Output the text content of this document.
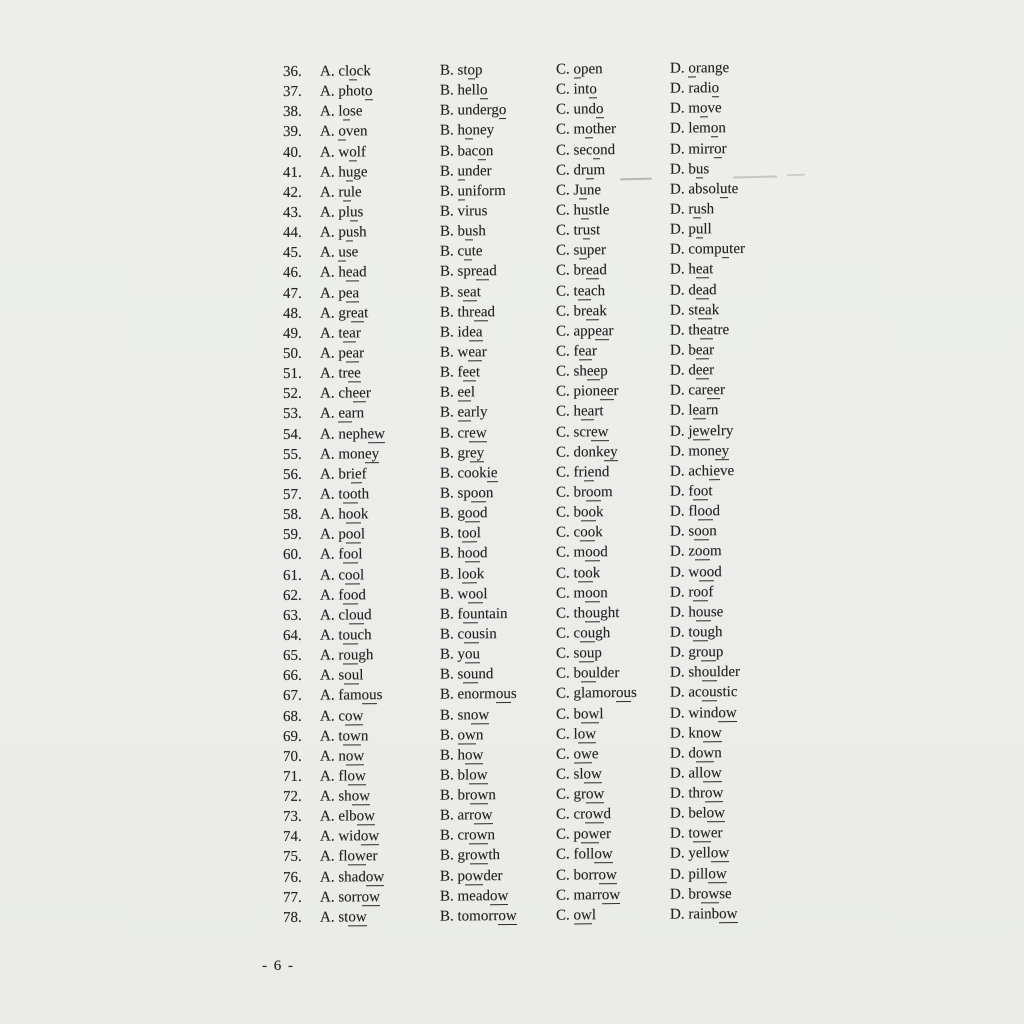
36.	A. clock	B. stop	C. open	D. orange
37.	A. photo	B. hello	C. into	D. radio
38.	A. lose	B. undergo	C. undo	D. move
39.	A. oven	B. honey	C. mother	D. lemon
40.	A. wolf	B. bacon	C. second	D. mirror
41.	A. huge	B. under	C. drum	D. bus
42.	A. rule	B. uniform	C. June	D. absolute
43.	A. plus	B. virus	C. hustle	D. rush
44.	A. push	B. bush	C. trust	D. pull
45.	A. use	B. cute	C. super	D. computer
46.	A. head	B. spread	C. bread	D. heat
47.	A. pea	B. seat	C. teach	D. dead
48.	A. great	B. thread	C. break	D. steak
49.	A. tear	B. idea	C. appear	D. theatre
50.	A. pear	B. wear	C. fear	D. bear
51.	A. tree	B. feet	C. sheep	D. deer
52.	A. cheer	B. eel	C. pioneer	D. career
53.	A. earn	B. early	C. heart	D. learn
54.	A. nephew	B. crew	C. screw	D. jewelry
55.	A. money	B. grey	C. donkey	D. money
56.	A. brief	B. cookie	C. friend	D. achieve
57.	A. tooth	B. spoon	C. broom	D. foot
58.	A. hook	B. good	C. book	D. flood
59.	A. pool	B. tool	C. cook	D. soon
60.	A. fool	B. hood	C. mood	D. zoom
61.	A. cool	B. look	C. took	D. wood
62.	A. food	B. wool	C. moon	D. roof
63.	A. cloud	B. fountain	C. thought	D. house
64.	A. touch	B. cousin	C. cough	D. tough
65.	A. rough	B. you	C. soup	D. group
66.	A. soul	B. sound	C. boulder	D. shoulder
67.	A. famous	B. enormous	C. glamorous	D. acoustic
68.	A. cow	B. snow	C. bowl	D. window
69.	A. town	B. own	C. low	D. know
70.	A. now	B. how	C. owe	D. down
71.	A. flow	B. blow	C. slow	D. allow
72.	A. show	B. brown	C. grow	D. throw
73.	A. elbow	B. arrow	C. crowd	D. below
74.	A. widow	B. crown	C. power	D. tower
75.	A. flower	B. growth	C. follow	D. yellow
76.	A. shadow	B. powder	C. borrow	D. pillow
77.	A. sorrow	B. meadow	C. marrow	D. browse
78.	A. stow	B. tomorrow	C. owl	D. rainbow
- 6 -
